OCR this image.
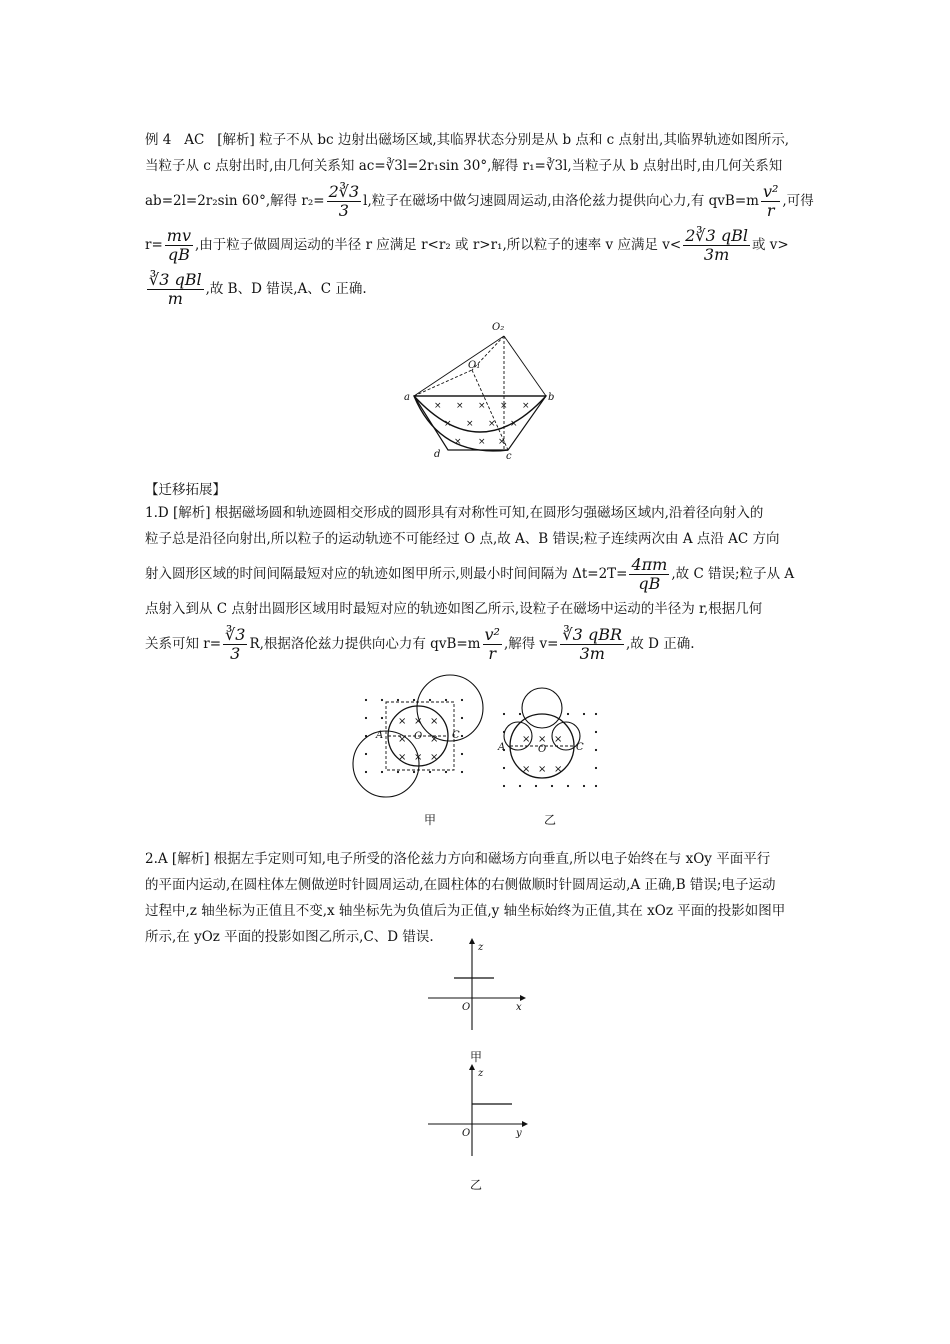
例 4 AC [解析] 粒子不从 bc 边射出磁场区域,其临界状态分别是从 b 点和 c 点射出,其临界轨迹如图所示,
当粒子从 c 点射出时,由几何关系知 ac=∛3l=2r₁sin 30°,解得 r₁=∛3l,当粒子从 b 点射出时,由几何关系知
ab=2l=2r₂sin 60°,解得 $r_2= \frac{2∛3}{3} l$,粒子在磁场中做匀速圆周运动,由洛伦兹力提供向心力,有 $qvB=m \frac{\text{v²}}{r}$ ,可得
$r= \frac{mv}{qB}$ ,由于粒子做圆周运动的半径 r 应满足 r<r₂ 或 r>r₁,所以粒子的速率 v 应满足 $v< \frac{\text{2∛3 qBl}}{3m}$ 或 v>
$\frac{\text{∛3 qBl}}{m}$ ,故 B、D 错误,A、C 正确.
× × × × ×
× × × ×
× × ×
O₂
O₁
a	b
c
d
【迁移拓展】
1.D [解析] 根据磁场圆和轨迹圆相交形成的圆形具有对称性可知,在圆形匀强磁场区域内,沿着径向射入的
粒子总是沿径向射出,所以粒子的运动轨迹不可能经过 O 点,故 A、B 错误;粒子连续两次由 A 点沿 AC 方向
射入圆形区域的时间间隔最短对应的轨迹如图甲所示,则最小时间间隔为 $\Delta t=2T= \frac{4\pi m}{qB}$ ,故 C 错误;粒子从 A
点射入到从 C 点射出圆形区域用时最短对应的轨迹如图乙所示,设粒子在磁场中运动的半径为 r,根据几何
关系可知 $r= \frac{∛3}{3} R$,根据洛伦兹力提供向心力有 $qvB=m \frac{\text{v²}}{r}$ ,解得 $v= \frac{\text{∛3 qBR}}{3m}$ ,故 D 正确.
× × ×
× ×
× × ×
A	O	C	× × ×
× × ×
A	O	C
甲	乙
2.A [解析] 根据左手定则可知,电子所受的洛伦兹力方向和磁场方向垂直,所以电子始终在与 xOy 平面平行
的平面内运动,在圆柱体左侧做逆时针圆周运动,在圆柱体的右侧做顺时针圆周运动,A 正确,B 错误;电子运动
过程中,z 轴坐标为正值且不变,x 轴坐标先为负值后为正值,y 轴坐标始终为正值,其在 xOz 平面的投影如图甲
所示,在 yOz 平面的投影如图乙所示,C、D 错误.
z
x
O
甲
z
y
O
乙
